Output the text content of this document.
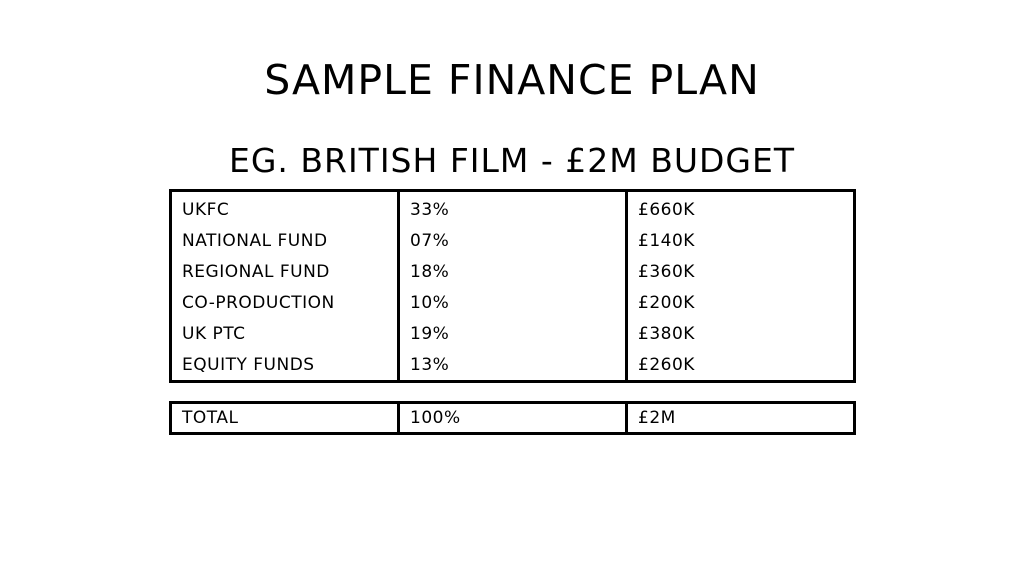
SAMPLE FINANCE PLAN
EG. BRITISH FILM - £2M BUDGET
UKFC	33%	£660K
NATIONAL FUND	07%	£140K
REGIONAL FUND	18%	£360K
CO-PRODUCTION	10%	£200K
UK PTC	19%	£380K
EQUITY FUNDS	13%	£260K
TOTAL	100%	£2M
